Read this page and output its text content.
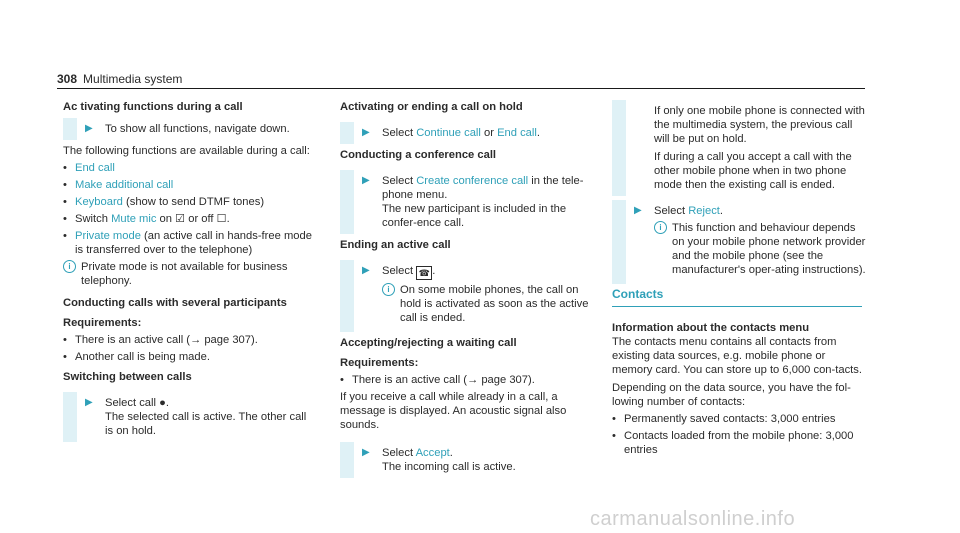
308 Multimedia system

Ac tivating functions during a call

▶	To show all functions, navigate down.

The following functions are available during a call:

• End call
• Make additional call
• Keyboard (show to send DTMF tones)
• Switch Mute mic on ☑ or off ☐.
• Private mode (an active call in hands-free mode is transferred over to the telephone)
i Private mode is not available for business telephony.

Conducting calls with several participants

Requirements:

• There is an active call (→ page 307).
• Another call is being made.

Switching between calls

▶	Select call ●.

The selected call is active. The other call is on hold.

Activating or ending a call on hold

▶	Select Continue call or End call.

Conducting a conference call

▶	Select Create conference call in the tele-phone menu.

The new participant is included in the confer-ence call.

Ending an active call

▶	Select ☎ .

i On some mobile phones, the call on hold is activated as soon as the active call is ended.

Accepting/rejecting a waiting call

Requirements:

• There is an active call (→ page 307).

If you receive a call while already in a call, a message is displayed. An acoustic signal also sounds.

▶	Select Accept.

The incoming call is active.

If only one mobile phone is connected with the multimedia system, the previous call will be put on hold.

If during a call you accept a call with the other mobile phone when in two phone mode then the existing call is ended.

▶	Select Reject.

i This function and behaviour depends on your mobile phone network provider and the mobile phone (see the manufacturer's oper-ating instructions).
Contacts

Information about the contacts menu

The contacts menu contains all contacts from existing data sources, e.g. mobile phone or memory card. You can store up to 6,000 con-tacts.

Depending on the data source, you have the fol-lowing number of contacts:

• Permanently saved contacts: 3,000 entries
• Contacts loaded from the mobile phone: 3,000 entries
carmanualsonline.info
